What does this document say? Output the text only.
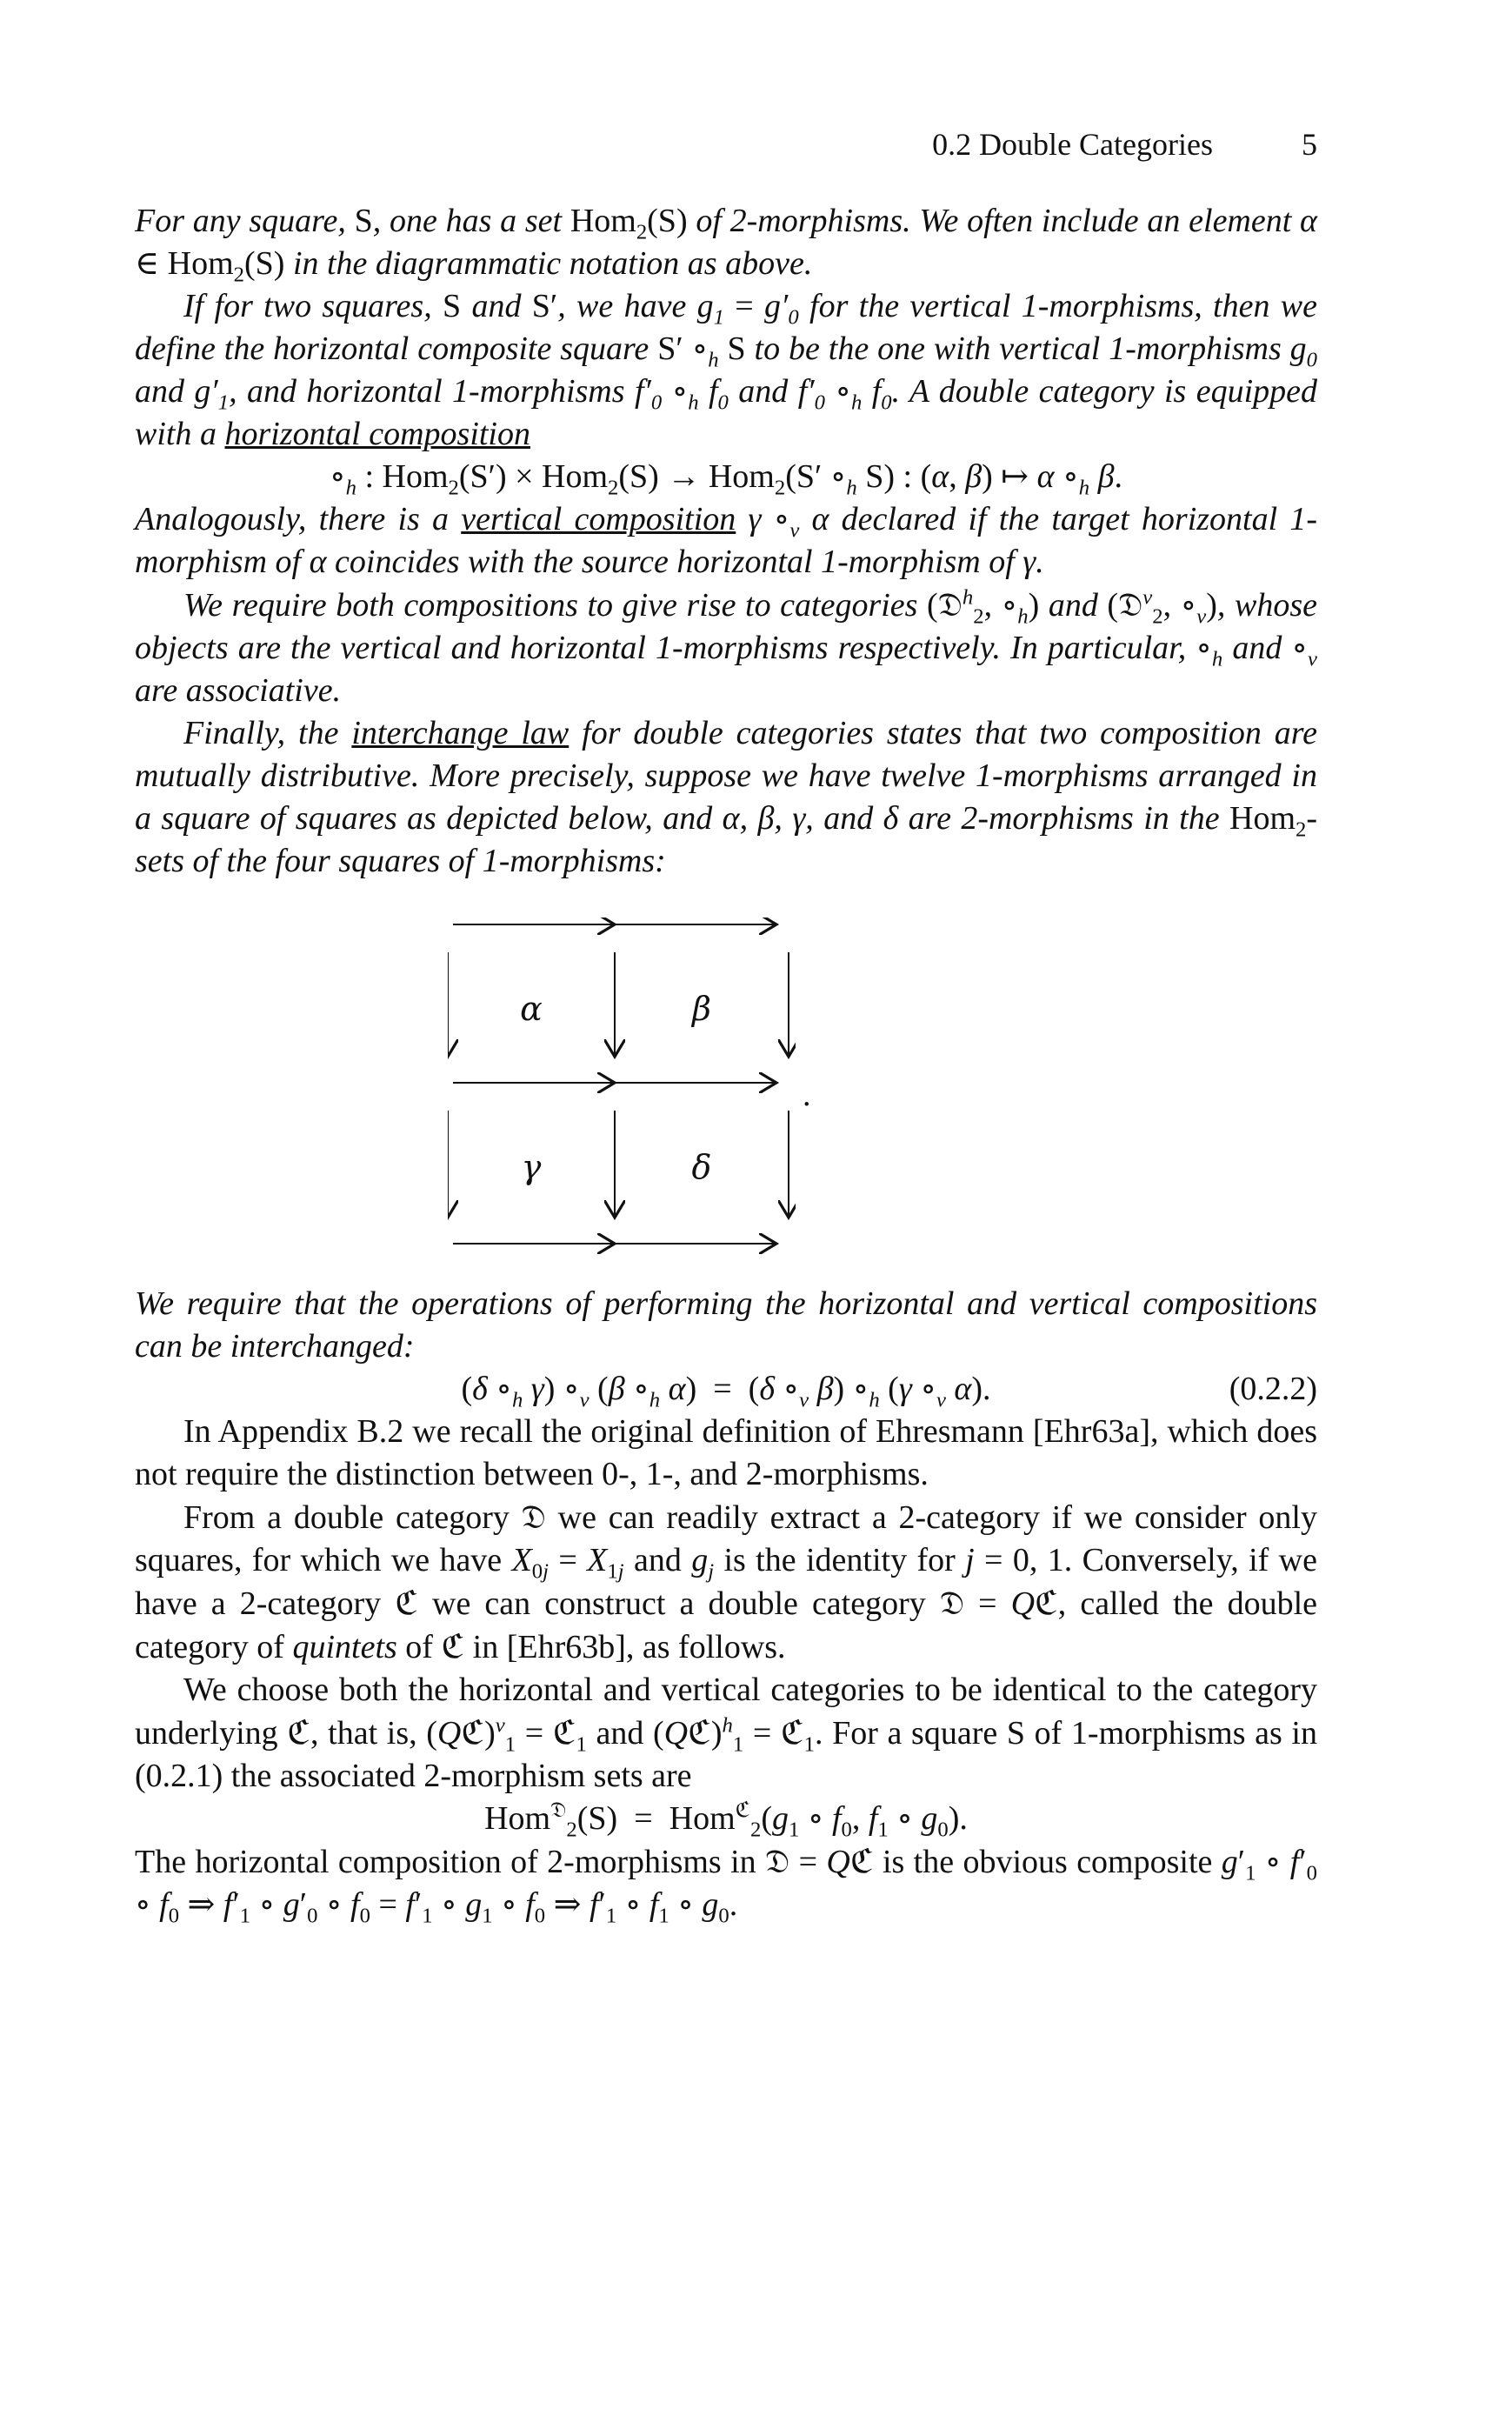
0.2 Double Categories	5

For any square, S, one has a set Hom$_2$(S) of 2-morphisms. We often include an element α ∈ Hom$_2$(S) in the diagrammatic notation as above.

If for two squares, S and S′, we have $g_1 = g'_0$ for the vertical 1-morphisms, then we define the horizontal composite square S′ $\circ_h$ S to be the one with vertical 1-morphisms $g_0$ and $g'_1$, and horizontal 1-morphisms $f'_0$ $\circ_h$ $f_0$ and $f'_0$ $\circ_h$ $f_0$. A double category is equipped with a horizontal composition

$\circ_h$ : Hom$_2$(S′) × Hom$_2$(S) → Hom$_2$(S′ $\circ_h$ S) : (α, β) ↦ α $\circ_h$ β.

Analogously, there is a vertical composition γ $\circ_v$ α declared if the target horizontal 1-morphism of α coincides with the source horizontal 1-morphism of γ.

We require both compositions to give rise to categories (𝔇$^h_2$, $\circ_h$) and (𝔇$^v_2$, $\circ_v$), whose objects are the vertical and horizontal 1-morphisms respectively. In particular, $\circ_h$ and $\circ_v$ are associative.

Finally, the interchange law for double categories states that two composition are mutually distributive. More precisely, suppose we have twelve 1-morphisms arranged in a square of squares as depicted below, and α, β, γ, and δ are 2-morphisms in the Hom$_2$-sets of the four squares of 1-morphisms:

α	β
γ	δ
.

We require that the operations of performing the horizontal and vertical compositions can be interchanged:

(δ $\circ_h$ γ) $\circ_v$ (β $\circ_h$ α)  =  (δ $\circ_v$ β) $\circ_h$ (γ $\circ_v$ α).	(0.2.2)

In Appendix B.2 we recall the original definition of Ehresmann [Ehr63a], which does not require the distinction between 0-, 1-, and 2-morphisms.

From a double category 𝔇 we can readily extract a 2-category if we consider only squares, for which we have $X_{0j} = X_{1j}$ and $g_j$ is the identity for j = 0, 1. Conversely, if we have a 2-category ℭ we can construct a double category 𝔇 = Qℭ, called the double category of quintets of ℭ in [Ehr63b], as follows.

We choose both the horizontal and vertical categories to be identical to the category underlying ℭ, that is, (Qℭ)$^v_1$ = ℭ$_1$ and (Qℭ)$^h_1$ = ℭ$_1$. For a square S of 1-morphisms as in (0.2.1) the associated 2-morphism sets are

$Hom^𝔇_2(S) = Hom^ℭ_2(g_1$ ∘ $f_0$, $f_1$ ∘ $g_0$).

The horizontal composition of 2-morphisms in 𝔇 = Qℭ is the obvious composite $g'_1$ ∘ $f'_0$ ∘ $f_0$ ⇒ $f'_1$ ∘ $g'_0$ ∘ $f_0 = f'_1$ ∘ $g_1$ ∘ $f_0$ ⇒ $f'_1$ ∘ $f_1$ ∘ $g_0$.
